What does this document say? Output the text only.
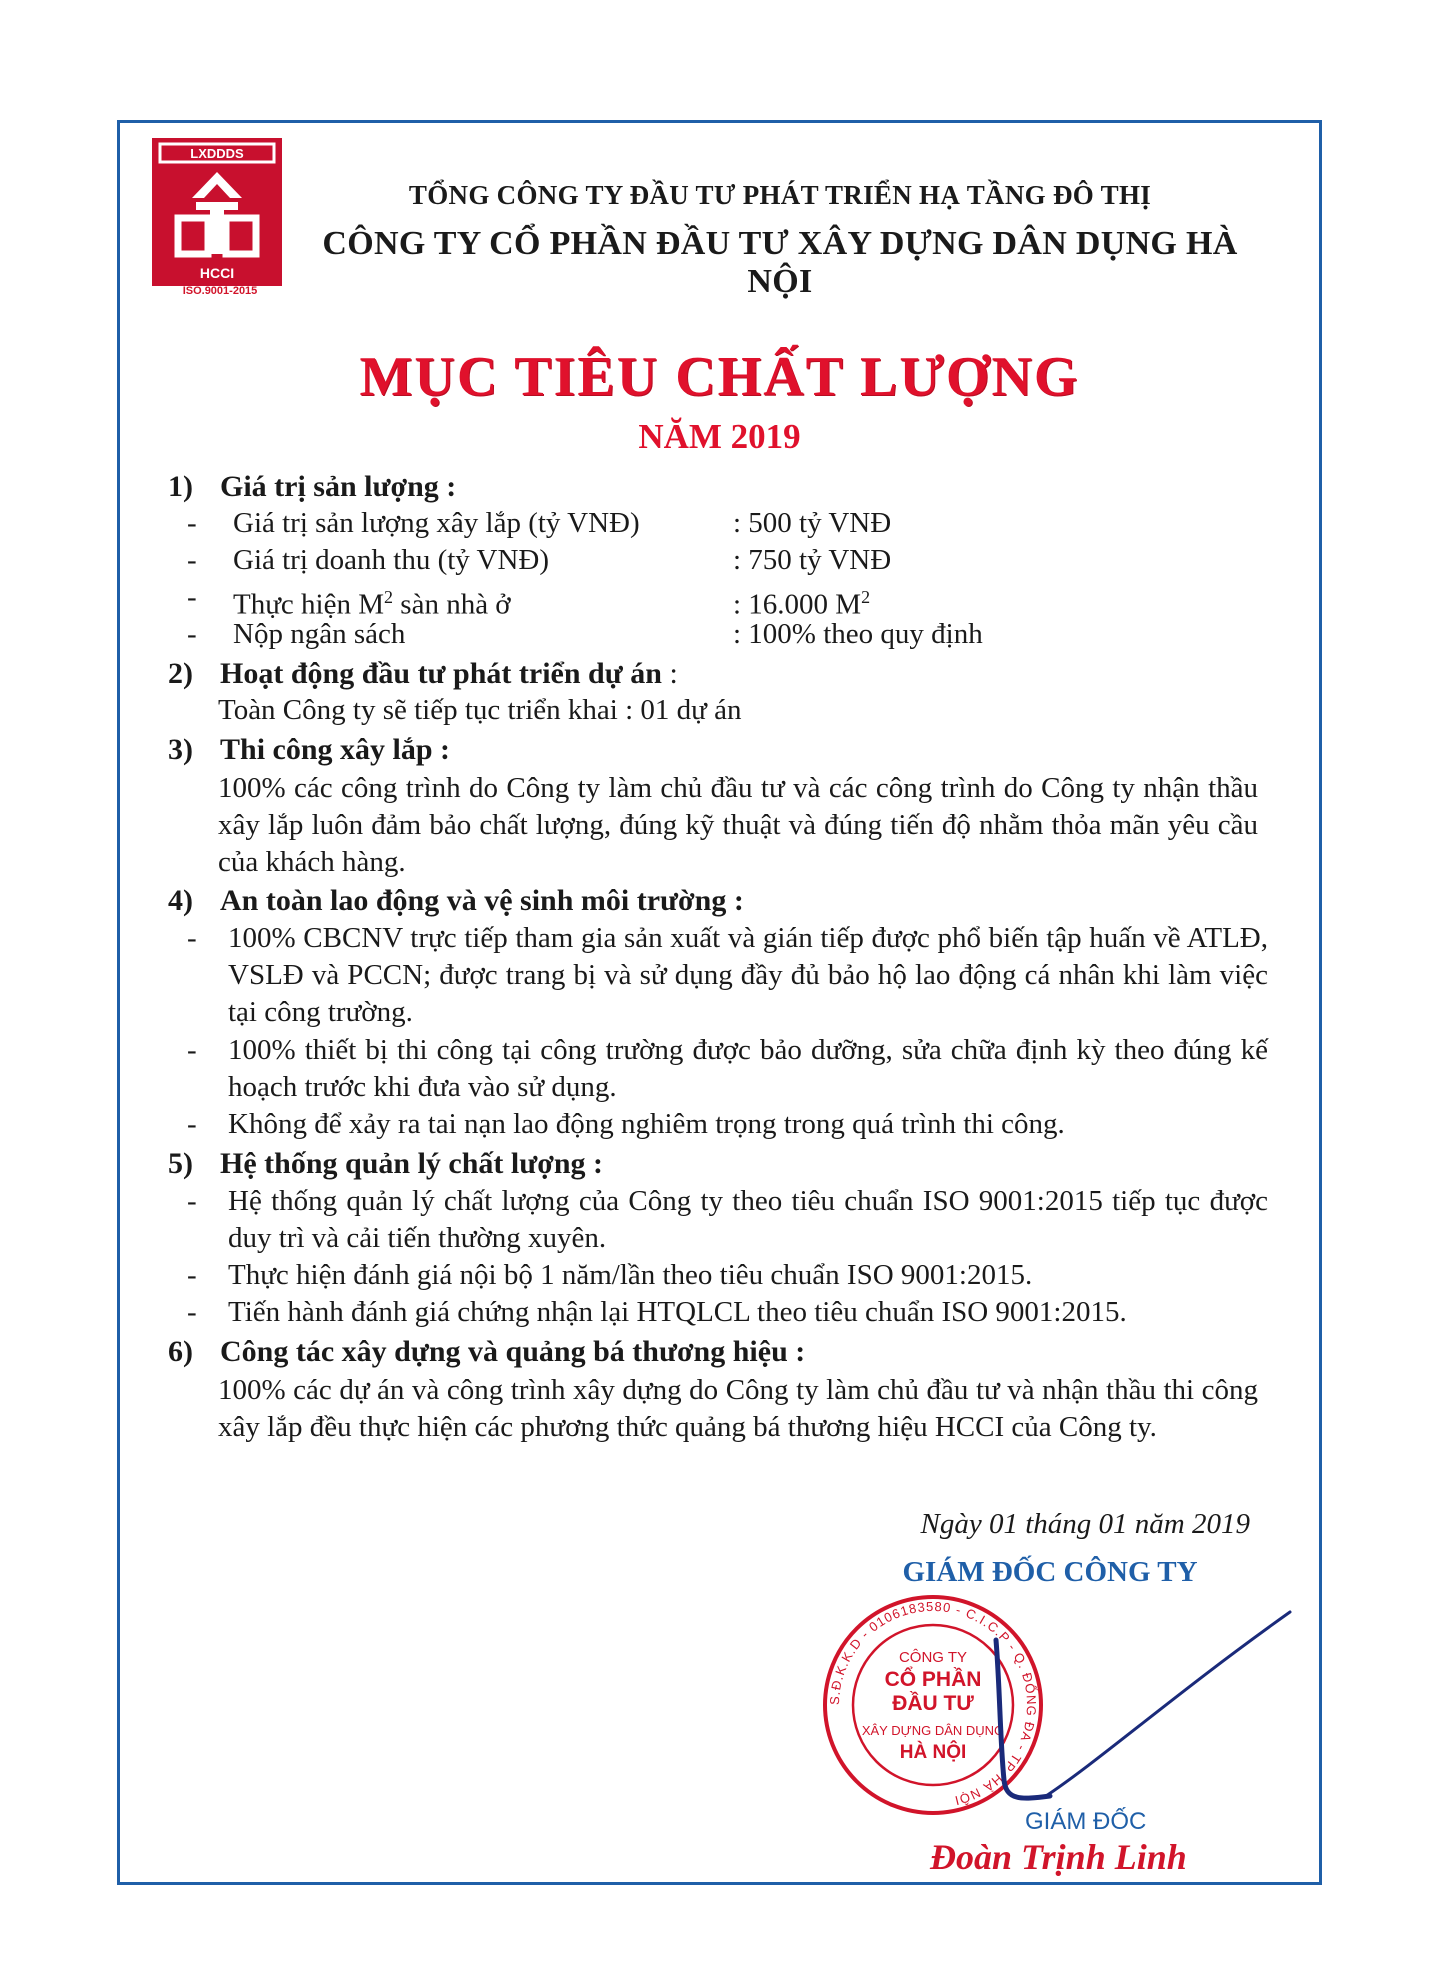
LXDDDS
HCCI
ISO.9001-2015
TỔNG CÔNG TY ĐẦU TƯ PHÁT TRIỂN HẠ TẦNG ĐÔ THỊ
CÔNG TY CỔ PHẦN ĐẦU TƯ XÂY DỰNG DÂN DỤNG HÀ NỘI
MỤC TIÊU CHẤT LƯỢNG
NĂM 2019
1) Giá trị sản lượng :
- Giá trị sản lượng xây lắp (tỷ VNĐ)	: 500 tỷ VNĐ
- Giá trị doanh thu (tỷ VNĐ)	: 750 tỷ VNĐ
- Thực hiện $M^2$ sàn nhà ở	: 16.000 $M^2$
- Nộp ngân sách	: 100% theo quy định
2) Hoạt động đầu tư phát triển dự án :
Toàn Công ty sẽ tiếp tục triển khai : 01 dự án
3) Thi công xây lắp :
100% các công trình do Công ty làm chủ đầu tư và các công trình do Công ty nhận thầu xây lắp luôn đảm bảo chất lượng, đúng kỹ thuật và đúng tiến độ nhằm thỏa mãn yêu cầu của khách hàng.
4) An toàn lao động và vệ sinh môi trường :
- 100% CBCNV trực tiếp tham gia sản xuất và gián tiếp được phổ biến tập huấn về ATLĐ, VSLĐ và PCCN; được trang bị và sử dụng đầy đủ bảo hộ lao động cá nhân khi làm việc tại công trường.
- 100% thiết bị thi công tại công trường được bảo dưỡng, sửa chữa định kỳ theo đúng kế hoạch trước khi đưa vào sử dụng.
- Không để xảy ra tai nạn lao động nghiêm trọng trong quá trình thi công.
5) Hệ thống quản lý chất lượng :
- Hệ thống quản lý chất lượng của Công ty theo tiêu chuẩn ISO 9001:2015 tiếp tục được duy trì và cải tiến thường xuyên.
- Thực hiện đánh giá nội bộ 1 năm/lần theo tiêu chuẩn ISO 9001:2015.
- Tiến hành đánh giá chứng nhận lại HTQLCL theo tiêu chuẩn ISO 9001:2015.
6) Công tác xây dựng và quảng bá thương hiệu :
100% các dự án và công trình xây dựng do Công ty làm chủ đầu tư và nhận thầu thi công xây lắp đều thực hiện các phương thức quảng bá thương hiệu HCCI của Công ty.
Ngày 01 tháng 01 năm 2019
GIÁM ĐỐC CÔNG TY
S.Đ.K.K.D - 0106183580 - C.I.C.P - Q. ĐỐNG ĐA - TP. HÀ NỘI
CÔNG TY
CỔ PHẦN
ĐẦU TƯ
XÂY DỰNG DÂN DỤNG
HÀ NỘI
GIÁM ĐỐC
Đoàn Trịnh Linh
